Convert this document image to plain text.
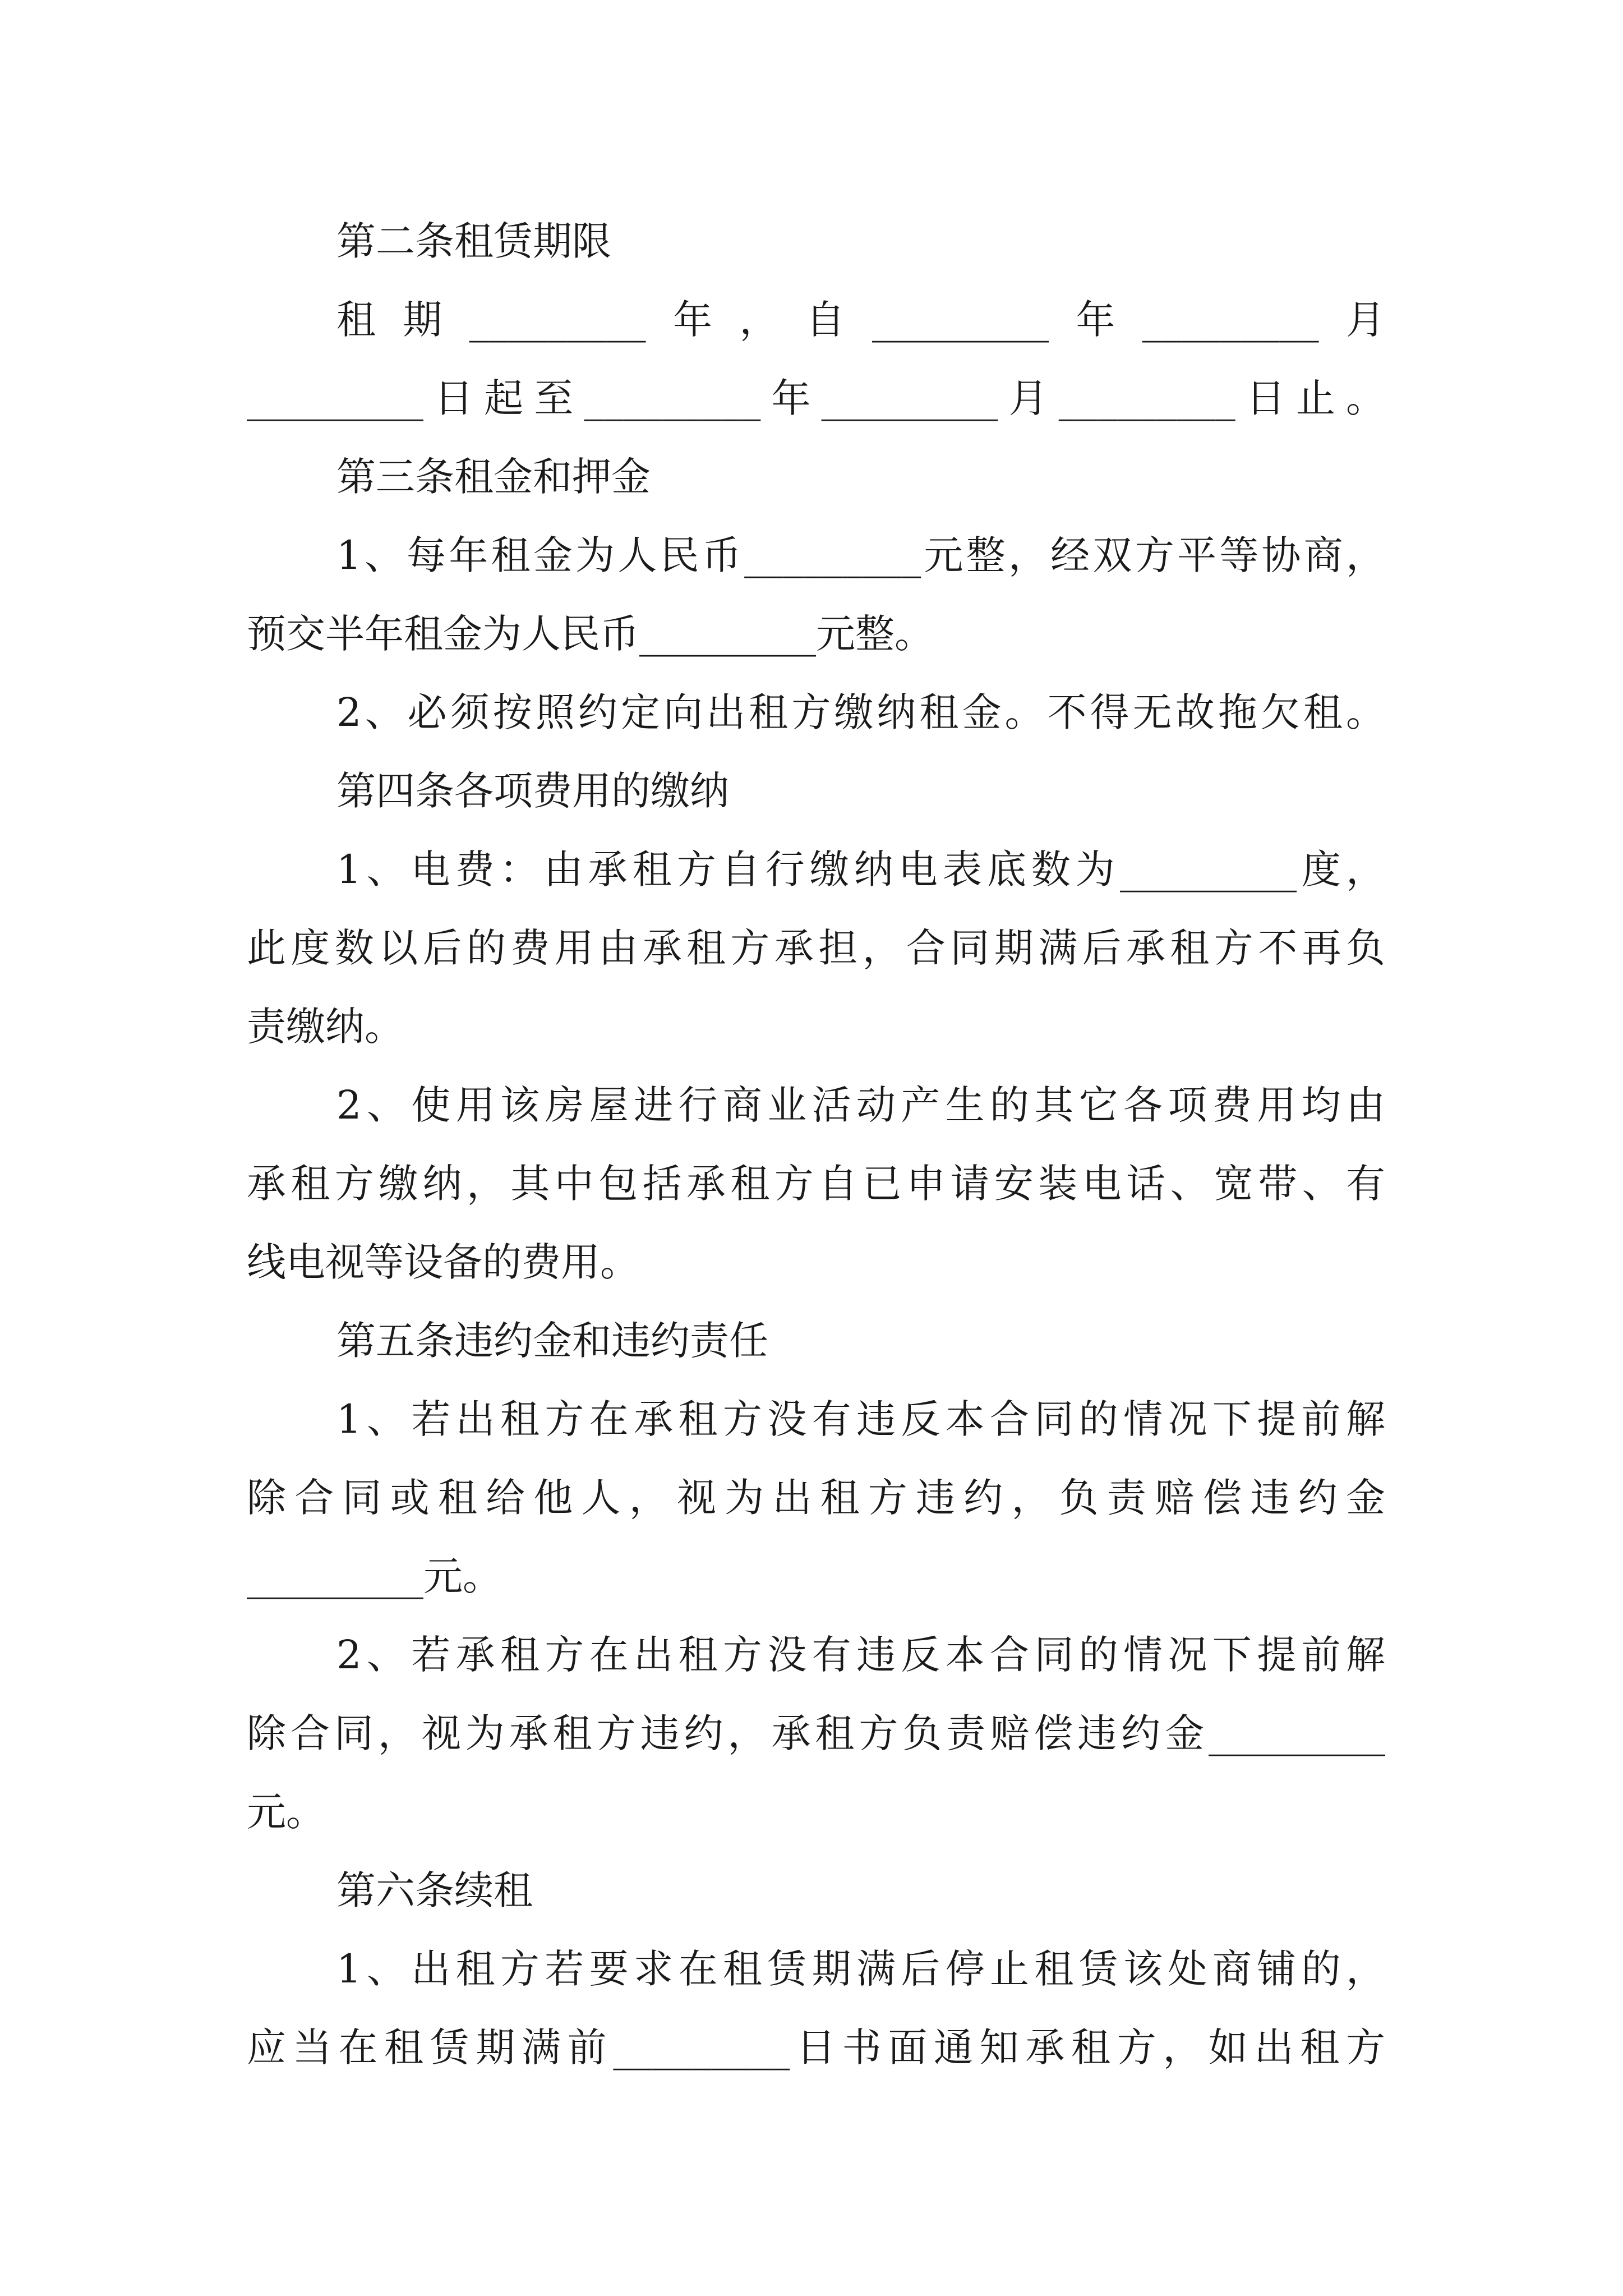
第二条租赁期限
租期_________年，自_________年_________月
_________日起至_________年_________月_________日止。
第三条租金和押金
1、每年租金为人民币_________元整，经双方平等协商，
预交半年租金为人民币_________元整。
2、必须按照约定向出租方缴纳租金。不得无故拖欠租。
第四条各项费用的缴纳
1、电费：由承租方自行缴纳电表底数为_________度，
此度数以后的费用由承租方承担，合同期满后承租方不再负
责缴纳。
2、使用该房屋进行商业活动产生的其它各项费用均由
承租方缴纳，其中包括承租方自已申请安装电话、宽带、有
线电视等设备的费用。
第五条违约金和违约责任
1、若出租方在承租方没有违反本合同的情况下提前解
除合同或租给他人，视为出租方违约，负责赔偿违约金
_________元。
2、若承租方在出租方没有违反本合同的情况下提前解
除合同，视为承租方违约，承租方负责赔偿违约金_________
元。
第六条续租
1、出租方若要求在租赁期满后停止租赁该处商铺的，
应当在租赁期满前_________日书面通知承租方，如出租方
